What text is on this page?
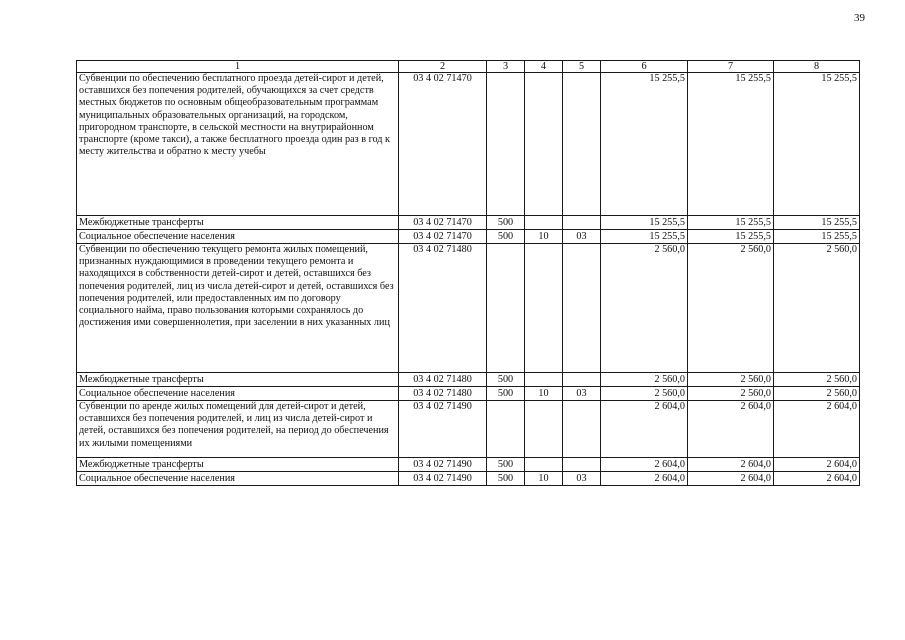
39
1	2	3	4	5	6	7	8
Субвенции по обеспечению бесплатного проезда детей-сирот и детей, оставшихся без попечения родителей, обучающихся за счет средств местных бюджетов по основным общеобразовательным программам муниципальных образовательных организаций, на городском, пригородном транспорте, в сельской местности на внутрирайонном транспорте (кроме такси), а также бесплатного проезда один раз в год к месту жительства и обратно к месту учебы	03 4 02 71470				15 255,5	15 255,5	15 255,5
Межбюджетные трансферты	03 4 02 71470	500			15 255,5	15 255,5	15 255,5
Социальное обеспечение населения	03 4 02 71470	500	10	03	15 255,5	15 255,5	15 255,5
Субвенции по обеспечению текущего ремонта жилых помещений, признанных нуждающимися в проведении текущего ремонта и находящихся в собственности детей-сирот и детей, оставшихся без попечения родителей, лиц из числа детей-сирот и детей, оставшихся без попечения родителей, или предоставленных им по договору социального найма, право пользования которыми сохранялось до достижения ими совершеннолетия, при заселении в них указанных лиц	03 4 02 71480				2 560,0	2 560,0	2 560,0
Межбюджетные трансферты	03 4 02 71480	500			2 560,0	2 560,0	2 560,0
Социальное обеспечение населения	03 4 02 71480	500	10	03	2 560,0	2 560,0	2 560,0
Субвенции по аренде жилых помещений для детей-сирот и детей, оставшихся без попечения родителей, и лиц из числа детей-сирот и детей, оставшихся без попечения родителей, на период до обеспечения их жилыми помещениями	03 4 02 71490				2 604,0	2 604,0	2 604,0
Межбюджетные трансферты	03 4 02 71490	500			2 604,0	2 604,0	2 604,0
Социальное обеспечение населения	03 4 02 71490	500	10	03	2 604,0	2 604,0	2 604,0
